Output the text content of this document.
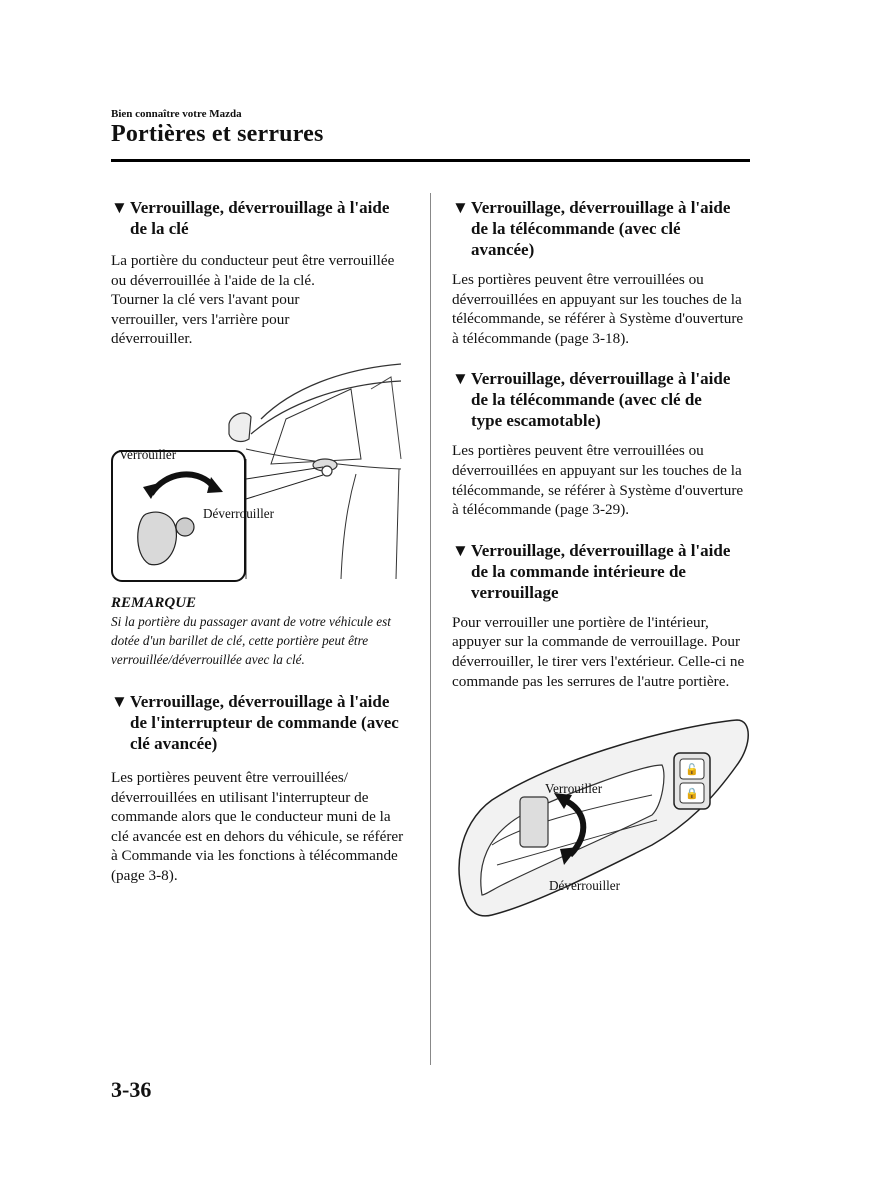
Bien connaître votre Mazda
Portières et serrures
▼ Verrouillage, déverrouillage à l'aide de la clé

La portière du conducteur peut être verrouillée ou déverrouillée à l'aide de la clé.

Tourner la clé vers l'avant pour verrouiller, vers l'arrière pour déverrouiller.

Verrouiller
Déverrouiller

REMARQUE

Si la portière du passager avant de votre véhicule est dotée d'un barillet de clé, cette portière peut être verrouillée/déverrouillée avec la clé.

▼ Verrouillage, déverrouillage à l'aide de l'interrupteur de commande (avec clé avancée)

Les portières peuvent être verrouillées/ déverrouillées en utilisant l'interrupteur de commande alors que le conducteur muni de la clé avancée est en dehors du véhicule, se référer à Commande via les fonctions à télécommande (page 3-8).

▼ Verrouillage, déverrouillage à l'aide de la télécommande (avec clé avancée)

Les portières peuvent être verrouillées ou déverrouillées en appuyant sur les touches de la télécommande, se référer à Système d'ouverture à télécommande (page 3-18).

▼ Verrouillage, déverrouillage à l'aide de la télécommande (avec clé de type escamotable)

Les portières peuvent être verrouillées ou déverrouillées en appuyant sur les touches de la télécommande, se référer à Système d'ouverture à télécommande (page 3-29).

▼ Verrouillage, déverrouillage à l'aide de la commande intérieure de verrouillage

Pour verrouiller une portière de l'intérieur, appuyer sur la commande de verrouillage. Pour déverrouiller, le tirer vers l'extérieur. Celle-ci ne commande pas les serrures de l'autre portière.

🔓
🔒
Verrouiller
Déverrouiller
3-36
